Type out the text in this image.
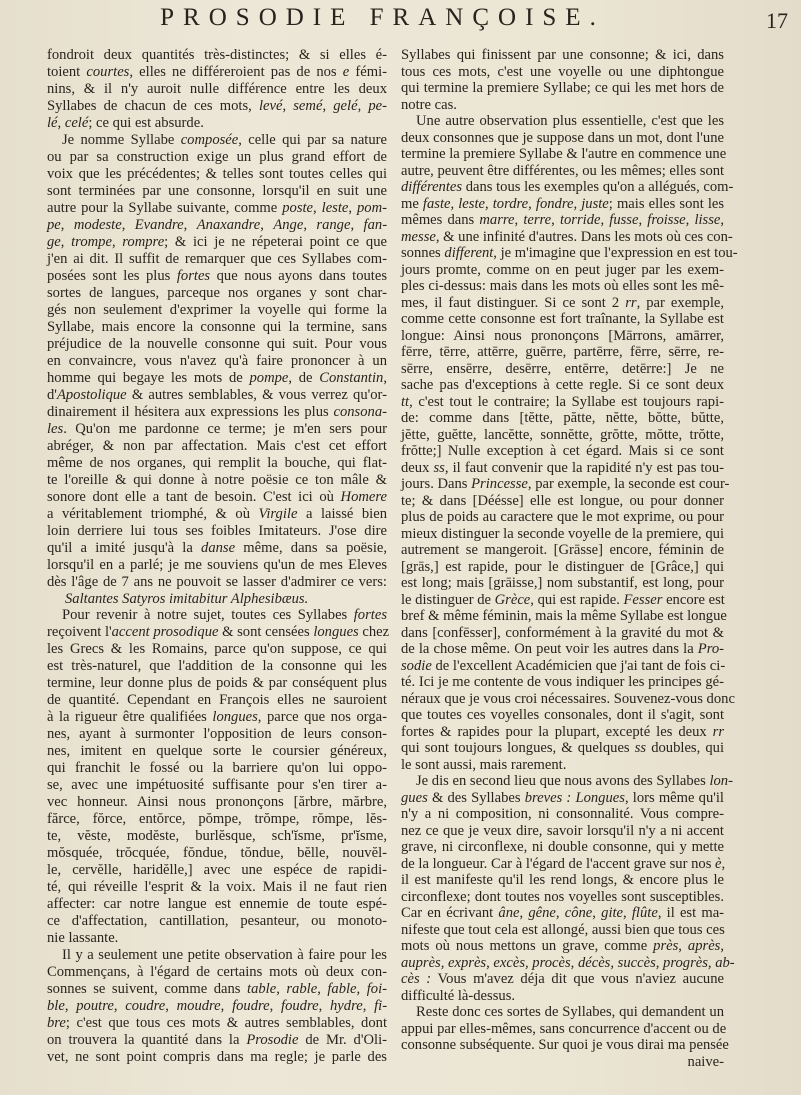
PROSODIE FRANÇOISE.	17
fondroit deux quantités très-distinctes; & si elles é-
toient courtes, elles ne différeroient pas de nos e fémi-
nins, & il n'y auroit nulle différence entre les deux
Syllabes de chacun de ces mots, levé, semé, gelé, pe-
lé, celé; ce qui est absurde.
Je nomme Syllabe composée, celle qui par sa nature
ou par sa construction exige un plus grand effort de
voix que les précédentes; & telles sont toutes celles qui
sont terminées par une consonne, lorsqu'il en suit une
autre pour la Syllabe suivante, comme poste, leste, pom-
pe, modeste, Evandre, Anaxandre, Ange, range, fan-
ge, trompe, rompre; & ici je ne répeterai point ce que
j'en ai dit. Il suffit de remarquer que ces Syllabes com-
posées sont les plus fortes que nous ayons dans toutes
sortes de langues, parceque nos organes y sont char-
gés non seulement d'exprimer la voyelle qui forme la
Syllabe, mais encore la consonne qui la termine, sans
préjudice de la nouvelle consonne qui suit. Pour vous
en convaincre, vous n'avez qu'à faire prononcer à un
homme qui begaye les mots de pompe, de Constantin,
d'Apostolique & autres semblables, & vous verrez qu'or-
dinairement il hésitera aux expressions les plus consona-
les. Qu'on me pardonne ce terme; je m'en sers pour
abréger, & non par affectation. Mais c'est cet effort
même de nos organes, qui remplit la bouche, qui flat-
te l'oreille & qui donne à notre poësie ce ton mâle &
sonore dont elle a tant de besoin. C'est ici où Homere
a véritablement triomphé, & où Virgile a laissé bien
loin derriere lui tous ses foibles Imitateurs. J'ose dire
qu'il a imité jusqu'à la danse même, dans sa poësie,
lorsqu'il en a parlé; je me souviens qu'un de mes Eleves
dès l'âge de 7 ans ne pouvoit se lasser d'admirer ce vers:
Saltantes Satyros imitabitur Alphesibæus.
Pour revenir à notre sujet, toutes ces Syllabes fortes
reçoivent l'accent prosodique & sont censées longues chez
les Grecs & les Romains, parce qu'on suppose, ce qui
est très-naturel, que l'addition de la consonne qui les
termine, leur donne plus de poids & par conséquent plus
de quantité. Cependant en François elles ne sauroient
à la rigueur être qualifiées longues, parce que nos orga-
nes, ayant à surmonter l'opposition de leurs conson-
nes, imitent en quelque sorte le coursier généreux,
qui franchit le fossé ou la barriere qu'on lui oppo-
se, avec une impétuosité suffisante pour s'en tirer a-
vec honneur. Ainsi nous prononçons [ărbre, mărbre,
fărce, fŏrce, entŏrce, pŏmpe, trŏmpe, rŏmpe, lĕs-
te, vĕste, modĕste, burlĕsque, sch'ĭsme, pr'ĭsme,
mŏsquée, trŏcquée, fŏndue, tŏndue, bĕlle, nouvĕl-
le, cervĕlle, haridĕlle,] avec une espéce de rapidi-
té, qui réveille l'esprit & la voix. Mais il ne faut rien
affecter: car notre langue est ennemie de toute espé-
ce d'affectation, cantillation, pesanteur, ou monoto-
nie lassante.
Il y a seulement une petite observation à faire pour les
Commençans, à l'égard de certains mots où deux con-
sonnes se suivent, comme dans table, rable, fable, foi-
ble, poutre, coudre, moudre, foudre, foudre, hydre, fi-
bre; c'est que tous ces mots & autres semblables, dont
on trouvera la quantité dans la Prosodie de Mr. d'Oli-
vet, ne sont point compris dans ma regle; je parle des
Syllabes qui finissent par une consonne; & ici, dans
tous ces mots, c'est une voyelle ou une diphtongue
qui termine la premiere Syllabe; ce qui les met hors de
notre cas.
Une autre observation plus essentielle, c'est que les
deux consonnes que je suppose dans un mot, dont l'une
termine la premiere Syllabe & l'autre en commence une
autre, peuvent être différentes, ou les mêmes; elles sont
différentes dans tous les exemples qu'on a allégués, com-
me faste, leste, tordre, fondre, juste; mais elles sont les
mêmes dans marre, terre, torride, fusse, froisse, lisse,
messe, & une infinité d'autres. Dans les mots où ces con-
sonnes different, je m'imagine que l'expression en est tou-
jours promte, comme on en peut juger par les exem-
ples ci-dessus: mais dans les mots où elles sont les mê-
mes, il faut distinguer. Si ce sont 2 rr, par exemple,
comme cette consonne est fort traînante, la Syllabe est
longue: Ainsi nous prononçons [Mārrons, amārrer,
fērre, tērre, attērre, guērre, partērre, fērre, sērre, re-
sērre, ensērre, desērre, entērre, detērre:] Je ne
sache pas d'exceptions à cette regle. Si ce sont deux
tt, c'est tout le contraire; la Syllabe est toujours rapi-
de: comme dans [tĕtte, pătte, nĕtte, bŏtte, bŭtte,
jĕtte, guĕtte, lancĕtte, sonnĕtte, grŏtte, mŏtte, trŏtte,
frŏtte;] Nulle exception à cet égard. Mais si ce sont
deux ss, il faut convenir que la rapidité n'y est pas tou-
jours. Dans Princesse, par exemple, la seconde est cour-
te; & dans [Déésse] elle est longue, ou pour donner
plus de poids au caractere que le mot exprime, ou pour
mieux distinguer la seconde voyelle de la premiere, qui
autrement se mangeroit. [Grāsse] encore, féminin de
[grās,] est rapide, pour le distinguer de [Grâce,] qui
est long; mais [grāisse,] nom substantif, est long, pour
le distinguer de Grèce, qui est rapide. Fesser encore est
bref & même féminin, mais la même Syllabe est longue
dans [confēsser], conformément à la gravité du mot &
de la chose même. On peut voir les autres dans la Pro-
sodie de l'excellent Académicien que j'ai tant de fois ci-
té. Ici je me contente de vous indiquer les principes gé-
néraux que je vous croi nécessaires. Souvenez-vous donc
que toutes ces voyelles consonales, dont il s'agit, sont
fortes & rapides pour la plupart, excepté les deux rr
qui sont toujours longues, & quelques ss doubles, qui
le sont aussi, mais rarement.
Je dis en second lieu que nous avons des Syllabes lon-
gues & des Syllabes breves : Longues, lors même qu'il
n'y a ni composition, ni consonnalité. Vous compre-
nez ce que je veux dire, savoir lorsqu'il n'y a ni accent
grave, ni circonflexe, ni double consonne, qui y mette
de la longueur. Car à l'égard de l'accent grave sur nos è,
il est manifeste qu'il les rend longs, & encore plus le
circonflexe; dont toutes nos voyelles sont susceptibles.
Car en écrivant âne, gêne, cône, gite, flûte, il est ma-
nifeste que tout cela est allongé, aussi bien que tous ces
mots où nous mettons un grave, comme près, après,
auprès, exprès, excès, procès, décès, succès, progrès, ab-
cès : Vous m'avez déja dit que vous n'aviez aucune
difficulté là-dessus.
Reste donc ces sortes de Syllabes, qui demandent un
appui par elles-mêmes, sans concurrence d'accent ou de
consonne subséquente. Sur quoi je vous dirai ma pensée
naive-
